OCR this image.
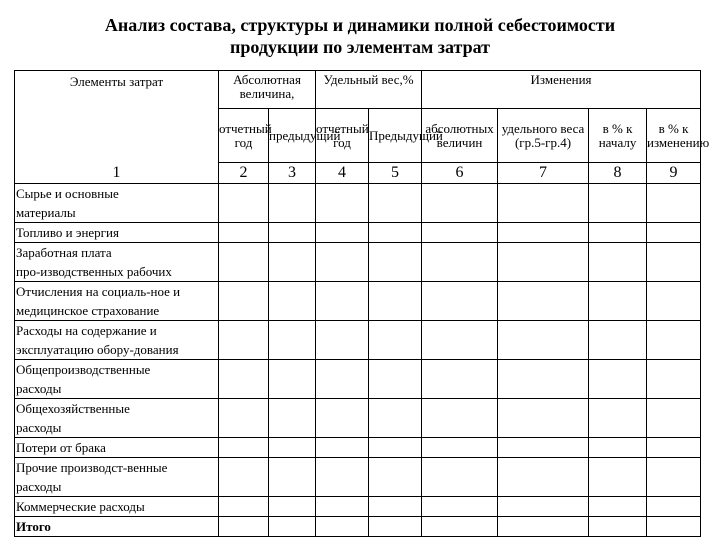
Анализ состава, структуры и динамики полной себестоимости
продукции по элементам затрат
Элементы затрат	Абсолютная величина,		Удельный вес,%		Изменения			
	отчетный год	предыдущий	отчетный год	Предыдущий	абсолютных величин	удельного веса (гр.5-гр.4)	в % к началу	в % к изменению
1	2	3	4	5	6	7	8	9

Сырье и основные
материалы								

Топливо и энергия								

Заработная плата
про-изводственных рабочих								

Отчисления на социаль-ное и
медицинское страхование								

Расходы на содержание и
эксплуатацию обору-дования								

Общепроизводственные
расходы								

Общехозяйственные
расходы								

Потери от брака								

Прочие производст-венные
расходы								

Коммерческие расходы								

Итого								
